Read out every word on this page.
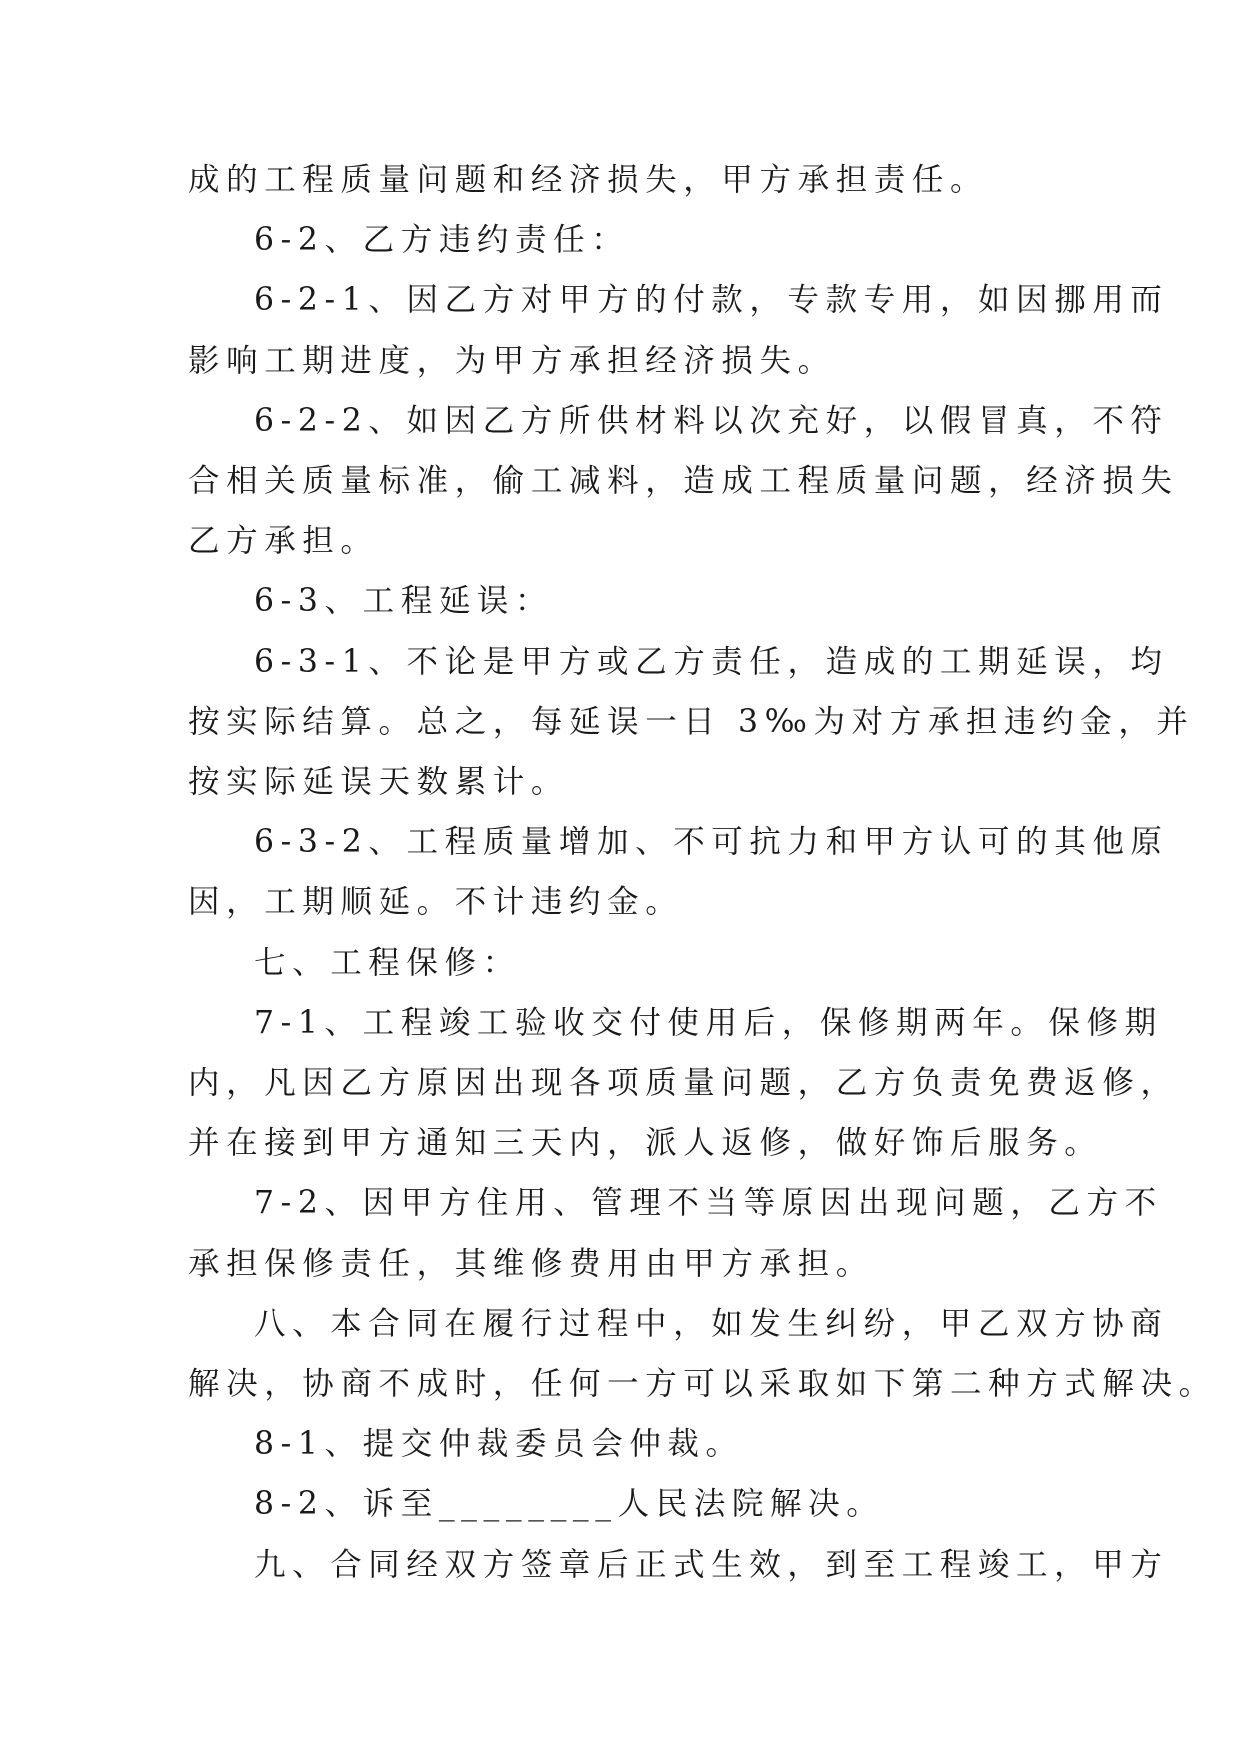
成的工程质量问题和经济损失，甲方承担责任。
6-2、乙方违约责任：
6-2-1、因乙方对甲方的付款，专款专用，如因挪用而
影响工期进度，为甲方承担经济损失。
6-2-2、如因乙方所供材料以次充好，以假冒真，不符
合相关质量标准，偷工减料，造成工程质量问题，经济损失
乙方承担。
6-3、工程延误：
6-3-1、不论是甲方或乙方责任，造成的工期延误，均
按实际结算。总之，每延误一日 3‰为对方承担违约金，并
按实际延误天数累计。
6-3-2、工程质量增加、不可抗力和甲方认可的其他原
因，工期顺延。不计违约金。
七、工程保修：
7-1、工程竣工验收交付使用后，保修期两年。保修期
内，凡因乙方原因出现各项质量问题，乙方负责免费返修，
并在接到甲方通知三天内，派人返修，做好饰后服务。
7-2、因甲方住用、管理不当等原因出现问题，乙方不
承担保修责任，其维修费用由甲方承担。
八、本合同在履行过程中，如发生纠纷，甲乙双方协商
解决，协商不成时，任何一方可以采取如下第二种方式解决。
8-1、提交仲裁委员会仲裁。
8-2、诉至________人民法院解决。
九、合同经双方签章后正式生效，到至工程竣工，甲方
